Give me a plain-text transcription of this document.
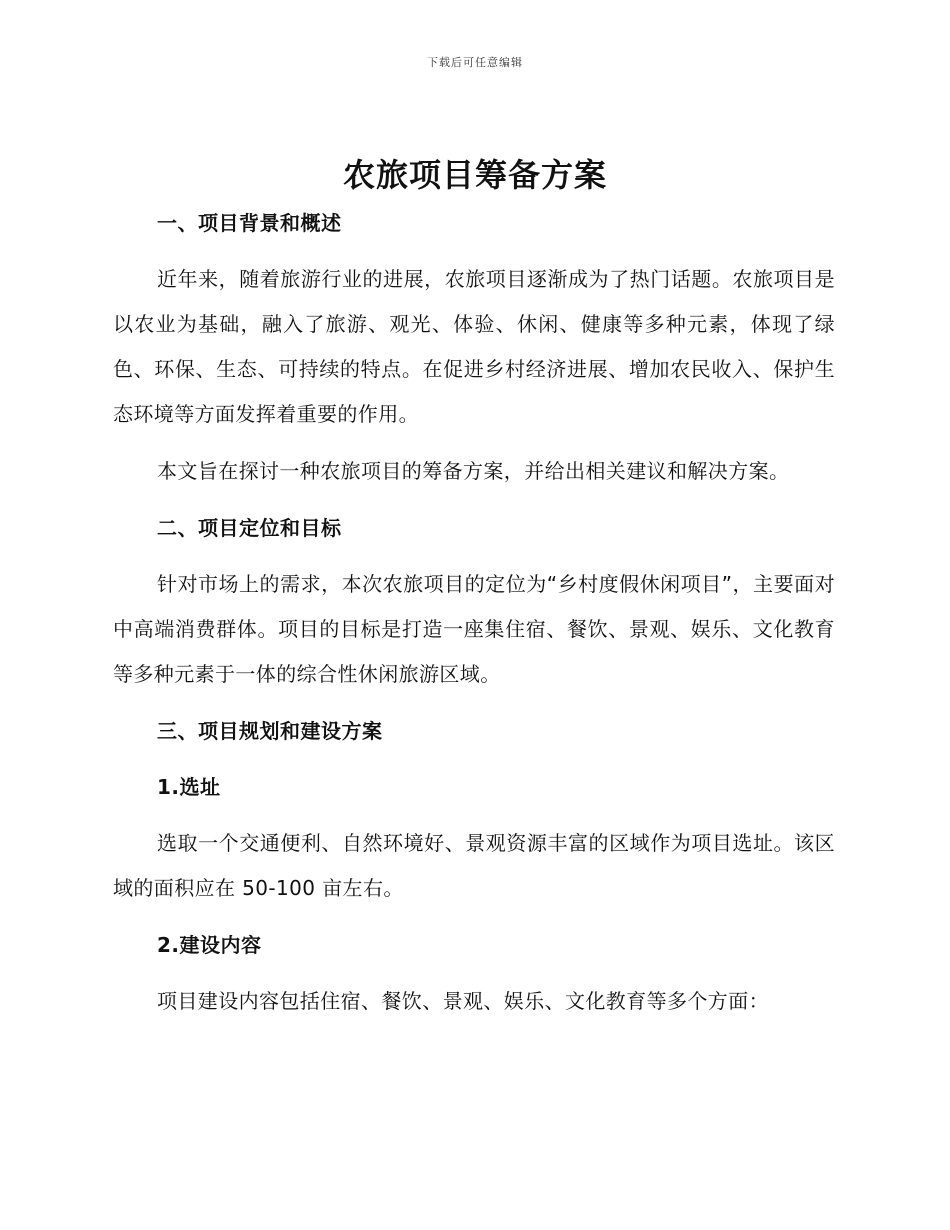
下载后可任意编辑
农旅项目筹备方案
一、项目背景和概述

近年来，随着旅游行业的进展，农旅项目逐渐成为了热门话题。农旅项目是以农业为基础，融入了旅游、观光、体验、休闲、健康等多种元素，体现了绿色、环保、生态、可持续的特点。在促进乡村经济进展、增加农民收入、保护生态环境等方面发挥着重要的作用。

本文旨在探讨一种农旅项目的筹备方案，并给出相关建议和解决方案。

二、项目定位和目标

针对市场上的需求，本次农旅项目的定位为“乡村度假休闲项目”，主要面对中高端消费群体。项目的目标是打造一座集住宿、餐饮、景观、娱乐、文化教育等多种元素于一体的综合性休闲旅游区域。

三、项目规划和建设方案
1.选址

选取一个交通便利、自然环境好、景观资源丰富的区域作为项目选址。该区域的面积应在 50-100 亩左右。

2.建设内容

项目建设内容包括住宿、餐饮、景观、娱乐、文化教育等多个方面：
